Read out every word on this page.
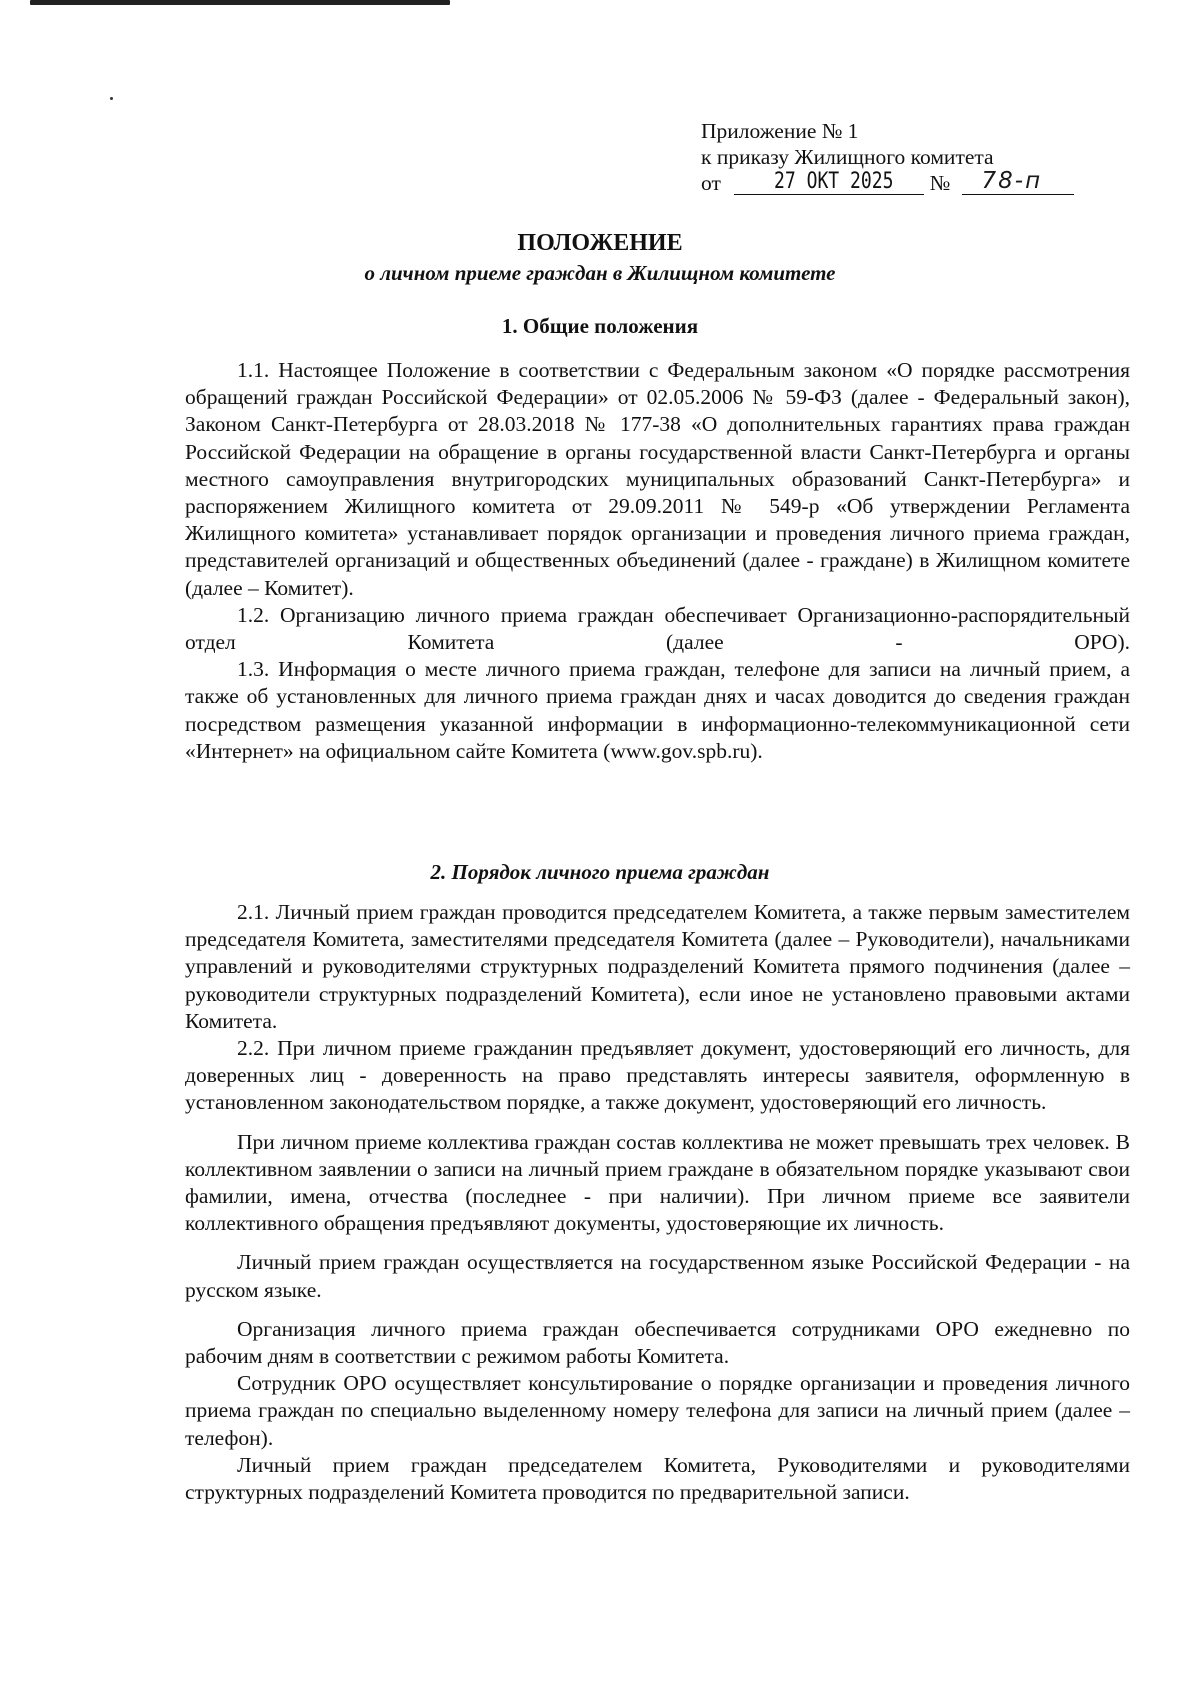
Приложение № 1
к приказу Жилищного комитета
от 27 ОКТ 2025 № 78-п
ПОЛОЖЕНИЕ
о личном приеме граждан в Жилищном комитете
1. Общие положения

1.1. Настоящее Положение в соответствии с Федеральным законом «О порядке рассмотрения обращений граждан Российской Федерации» от 02.05.2006 № 59-ФЗ (далее - Федеральный закон), Законом Санкт-Петербурга от 28.03.2018 № 177-38 «О дополнительных гарантиях права граждан Российской Федерации на обращение в органы государственной власти Санкт-Петербурга и органы местного самоуправления внутригородских муниципальных образований Санкт-Петербурга» и распоряжением Жилищного комитета от 29.09.2011 № 549-р «Об утверждении Регламента Жилищного комитета» устанавливает порядок организации и проведения личного приема граждан, представителей организаций и общественных объединений (далее - граждане) в Жилищном комитете (далее – Комитет).

1.2. Организацию личного приема граждан обеспечивает Организационно-распорядительный отдел Комитета (далее - ОРО).

1.3. Информация о месте личного приема граждан, телефоне для записи на личный прием, а также об установленных для личного приема граждан днях и часах доводится до сведения граждан посредством размещения указанной информации в информационно-телекоммуникационной сети «Интернет» на официальном сайте Комитета (www.gov.spb.ru).

2. Порядок личного приема граждан

2.1. Личный прием граждан проводится председателем Комитета, а также первым заместителем председателя Комитета, заместителями председателя Комитета (далее – Руководители), начальниками управлений и руководителями структурных подразделений Комитета прямого подчинения (далее – руководители структурных подразделений Комитета), если иное не установлено правовыми актами Комитета.

2.2. При личном приеме гражданин предъявляет документ, удостоверяющий его личность, для доверенных лиц - доверенность на право представлять интересы заявителя, оформленную в установленном законодательством порядке, а также документ, удостоверяющий его личность.

При личном приеме коллектива граждан состав коллектива не может превышать трех человек. В коллективном заявлении о записи на личный прием граждане в обязательном порядке указывают свои фамилии, имена, отчества (последнее - при наличии). При личном приеме все заявители коллективного обращения предъявляют документы, удостоверяющие их личность.

Личный прием граждан осуществляется на государственном языке Российской Федерации - на русском языке.

Организация личного приема граждан обеспечивается сотрудниками ОРО ежедневно по рабочим дням в соответствии с режимом работы Комитета.

Сотрудник ОРО осуществляет консультирование о порядке организации и проведения личного приема граждан по специально выделенному номеру телефона для записи на личный прием (далее – телефон).

Личный прием граждан председателем Комитета, Руководителями и руководителями структурных подразделений Комитета проводится по предварительной записи.
